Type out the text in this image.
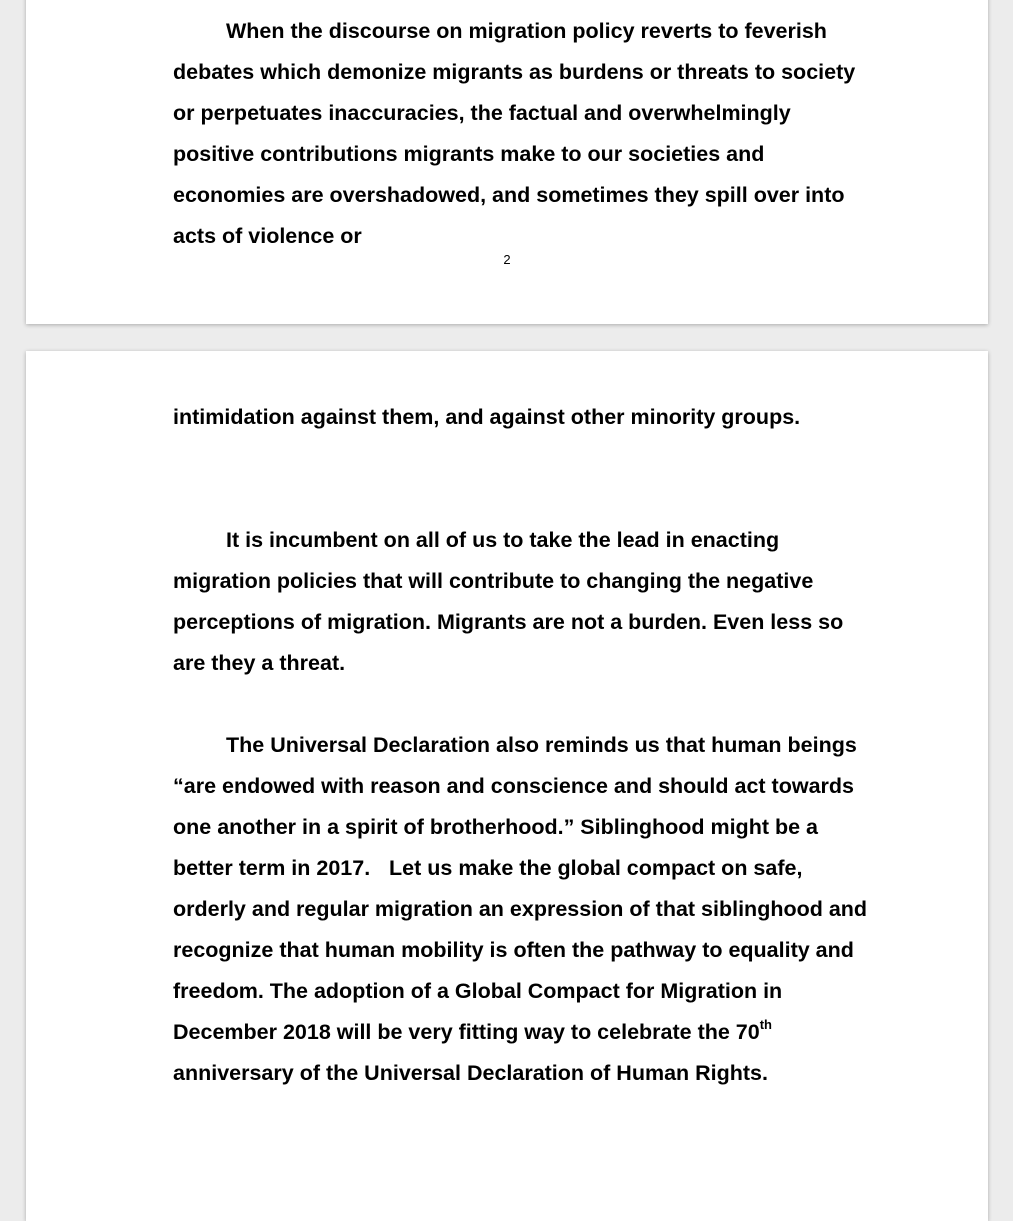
When the discourse on migration policy reverts to feverish debates which demonize migrants as burdens or threats to society or perpetuates inaccuracies, the factual and overwhelmingly positive contributions migrants make to our societies and economies are overshadowed, and sometimes they spill over into acts of violence or

2

intimidation against them, and against other minority groups.

It is incumbent on all of us to take the lead in enacting migration policies that will contribute to changing the negative perceptions of migration. Migrants are not a burden. Even less so are they a threat.

The Universal Declaration also reminds us that human beings “are endowed with reason and conscience and should act towards one another in a spirit of brotherhood.” Siblinghood might be a better term in 2017. Let us make the global compact on safe, orderly and regular migration an expression of that siblinghood and recognize that human mobility is often the pathway to equality and freedom. The adoption of a Global Compact for Migration in December 2018 will be very fitting way to celebrate the 70th anniversary of the Universal Declaration of Human Rights.
